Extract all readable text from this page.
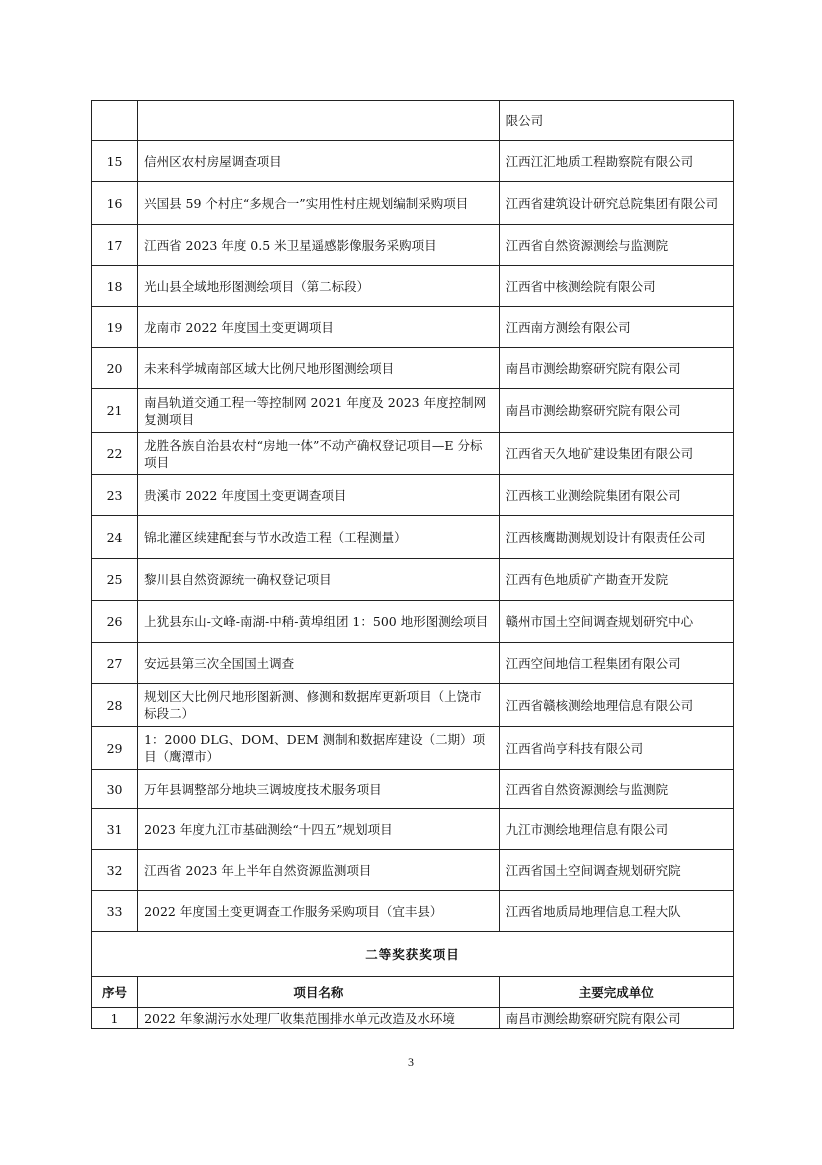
		限公司
15	信州区农村房屋调查项目	江西江汇地质工程勘察院有限公司
16	兴国县 59 个村庄“多规合一”实用性村庄规划编制采购项目	江西省建筑设计研究总院集团有限公司
17	江西省 2023 年度 0.5 米卫星遥感影像服务采购项目	江西省自然资源测绘与监测院
18	光山县全域地形图测绘项目（第二标段）	江西省中核测绘院有限公司
19	龙南市 2022 年度国土变更调项目	江西南方测绘有限公司
20	未来科学城南部区域大比例尺地形图测绘项目	南昌市测绘勘察研究院有限公司
21	南昌轨道交通工程一等控制网 2021 年度及 2023 年度控制网复测项目	南昌市测绘勘察研究院有限公司
22	龙胜各族自治县农村“房地一体”不动产确权登记项目—E 分标项目	江西省天久地矿建设集团有限公司
23	贵溪市 2022 年度国土变更调查项目	江西核工业测绘院集团有限公司
24	锦北灌区续建配套与节水改造工程（工程测量）	江西核鹰勘测规划设计有限责任公司
25	黎川县自然资源统一确权登记项目	江西有色地质矿产勘查开发院
26	上犹县东山-文峰-南湖-中稍-黄埠组团 1：500 地形图测绘项目	赣州市国土空间调查规划研究中心
27	安远县第三次全国国土调查	江西空间地信工程集团有限公司
28	规划区大比例尺地形图新测、修测和数据库更新项目（上饶市标段二）	江西省赣核测绘地理信息有限公司
29	1：2000 DLG、DOM、DEM 测制和数据库建设（二期）项目（鹰潭市）	江西省尚亨科技有限公司
30	万年县调整部分地块三调坡度技术服务项目	江西省自然资源测绘与监测院
31	2023 年度九江市基础测绘“十四五”规划项目	九江市测绘地理信息有限公司
32	江西省 2023 年上半年自然资源监测项目	江西省国土空间调查规划研究院
33	2022 年度国土变更调查工作服务采购项目（宜丰县）	江西省地质局地理信息工程大队
二等奖获奖项目		
序号	项目名称	主要完成单位
1	2022 年象湖污水处理厂收集范围排水单元改造及水环境	南昌市测绘勘察研究院有限公司
3
